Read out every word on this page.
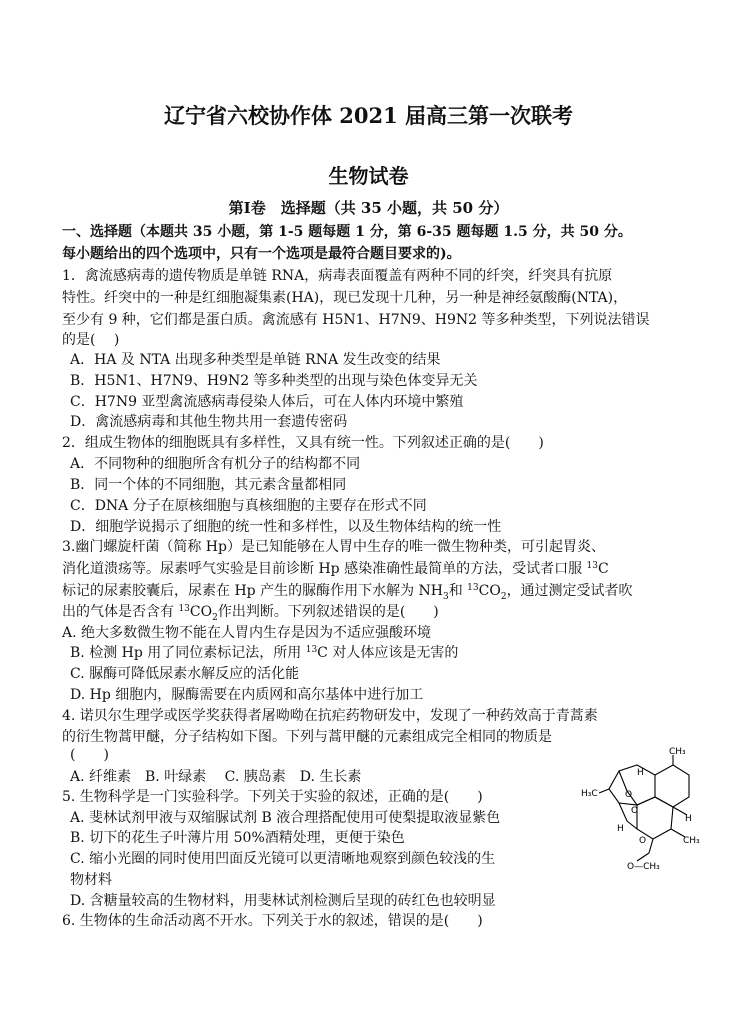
辽宁省六校协作体 2021 届高三第一次联考
生物试卷
第Ⅰ卷　选择题（共 35 小题，共 50 分）
一、选择题（本题共 35 小题，第 1-5 题每题 1 分，第 6-35 题每题 1.5 分，共 50 分。
每小题给出的四个选项中，只有一个选项是最符合题目要求的)。
1．禽流感病毒的遗传物质是单链 RNA，病毒表面覆盖有两种不同的纤突，纤突具有抗原
特性。纤突中的一种是红细胞凝集素(HA)，现已发现十几种，另一种是神经氨酸酶(NTA)，
至少有 9 种，它们都是蛋白质。禽流感有 H5N1、H7N9、H9N2 等多种类型，下列说法错误
的是(　 )
A．HA 及 NTA 出现多种类型是单链 RNA 发生改变的结果
B．H5N1、H7N9、H9N2 等多种类型的出现与染色体变异无关
C．H7N9 亚型禽流感病毒侵染人体后，可在人体内环境中繁殖
D．禽流感病毒和其他生物共用一套遗传密码
2．组成生物体的细胞既具有多样性，又具有统一性。下列叙述正确的是(　　)
A．不同物种的细胞所含有机分子的结构都不同
B．同一个体的不同细胞，其元素含量都相同
C．DNA 分子在原核细胞与真核细胞的主要存在形式不同
D．细胞学说揭示了细胞的统一性和多样性，以及生物体结构的统一性
3.幽门螺旋杆菌（简称 Hp）是已知能够在人胃中生存的唯一微生物种类，可引起胃炎、
消化道溃疡等。尿素呼气实验是目前诊断 Hp 感染准确性最简单的方法，受试者口服 $^{13}$C
标记的尿素胶囊后，尿素在 Hp 产生的脲酶作用下水解为 $NH_3$和 $^{13}CO_2$，通过测定受试者吹
出的气体是否含有 $^{13}CO_2$作出判断。下列叙述错误的是(　　)
A. 绝大多数微生物不能在人胃内生存是因为不适应强酸环境
B. 检测 Hp 用了同位素标记法，所用 $^{13}$C 对人体应该是无害的
C. 脲酶可降低尿素水解反应的活化能
D. Hp 细胞内，脲酶需要在内质网和高尔基体中进行加工
4. 诺贝尔生理学或医学奖获得者屠呦呦在抗疟药物研发中，发现了一种药效高于青蒿素
的衍生物蒿甲醚，分子结构如下图。下列与蒿甲醚的元素组成完全相同的物质是
(　　)
A. 纤维素　B. 叶绿素　 C. 胰岛素　D. 生长素
5. 生物科学是一门实验科学。下列关于实验的叙述，正确的是(　　)
A. 斐林试剂甲液与双缩脲试剂 B 液合理搭配使用可使梨提取液显紫色
B. 切下的花生子叶薄片用 50%酒精处理，更便于染色
C. 缩小光圈的同时使用凹面反光镜可以更清晰地观察到颜色较浅的生
物材料
D. 含糖量较高的生物材料，用斐林试剂检测后呈现的砖红色也较明显
6. 生物体的生命活动离不开水。下列关于水的叙述，错误的是(　　)
CH₃
H₃C
H
H
H
O
O
O	CH₃
O—CH₃
